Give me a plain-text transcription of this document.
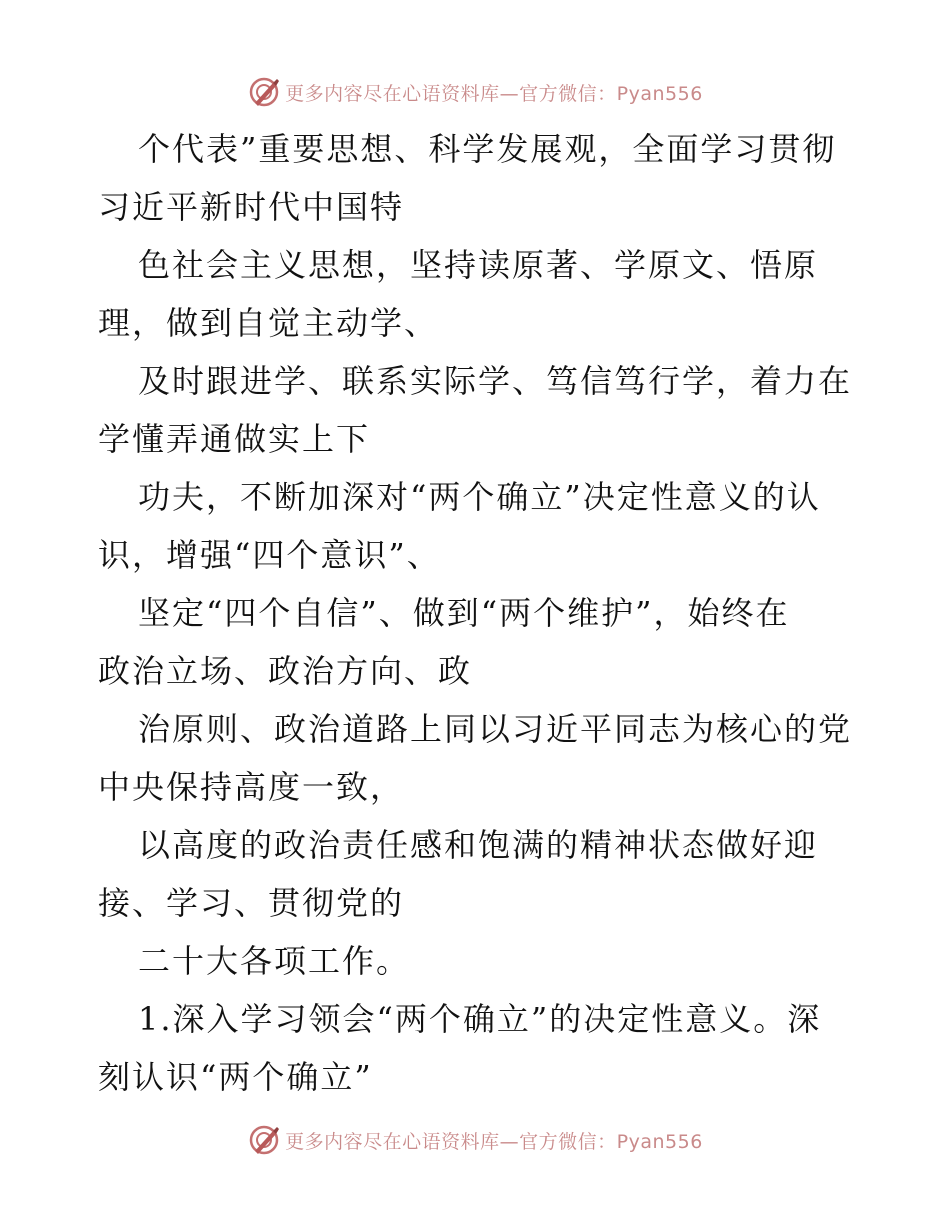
更多内容尽在心语资料库—官方微信：Pyan556

个代表”重要思想、科学发展观，全面学习贯彻

习近平新时代中国特

色社会主义思想，坚持读原著、学原文、悟原

理，做到自觉主动学、

及时跟进学、联系实际学、笃信笃行学，着力在

学懂弄通做实上下

功夫，不断加深对“两个确立”决定性意义的认

识，增强“四个意识”、

坚定“四个自信”、做到“两个维护”，始终在

政治立场、政治方向、政

治原则、政治道路上同以习近平同志为核心的党

中央保持高度一致，

以高度的政治责任感和饱满的精神状态做好迎

接、学习、贯彻党的

二十大各项工作。

1.深入学习领会“两个确立”的决定性意义。深

刻认识“两个确立”

更多内容尽在心语资料库—官方微信：Pyan556
